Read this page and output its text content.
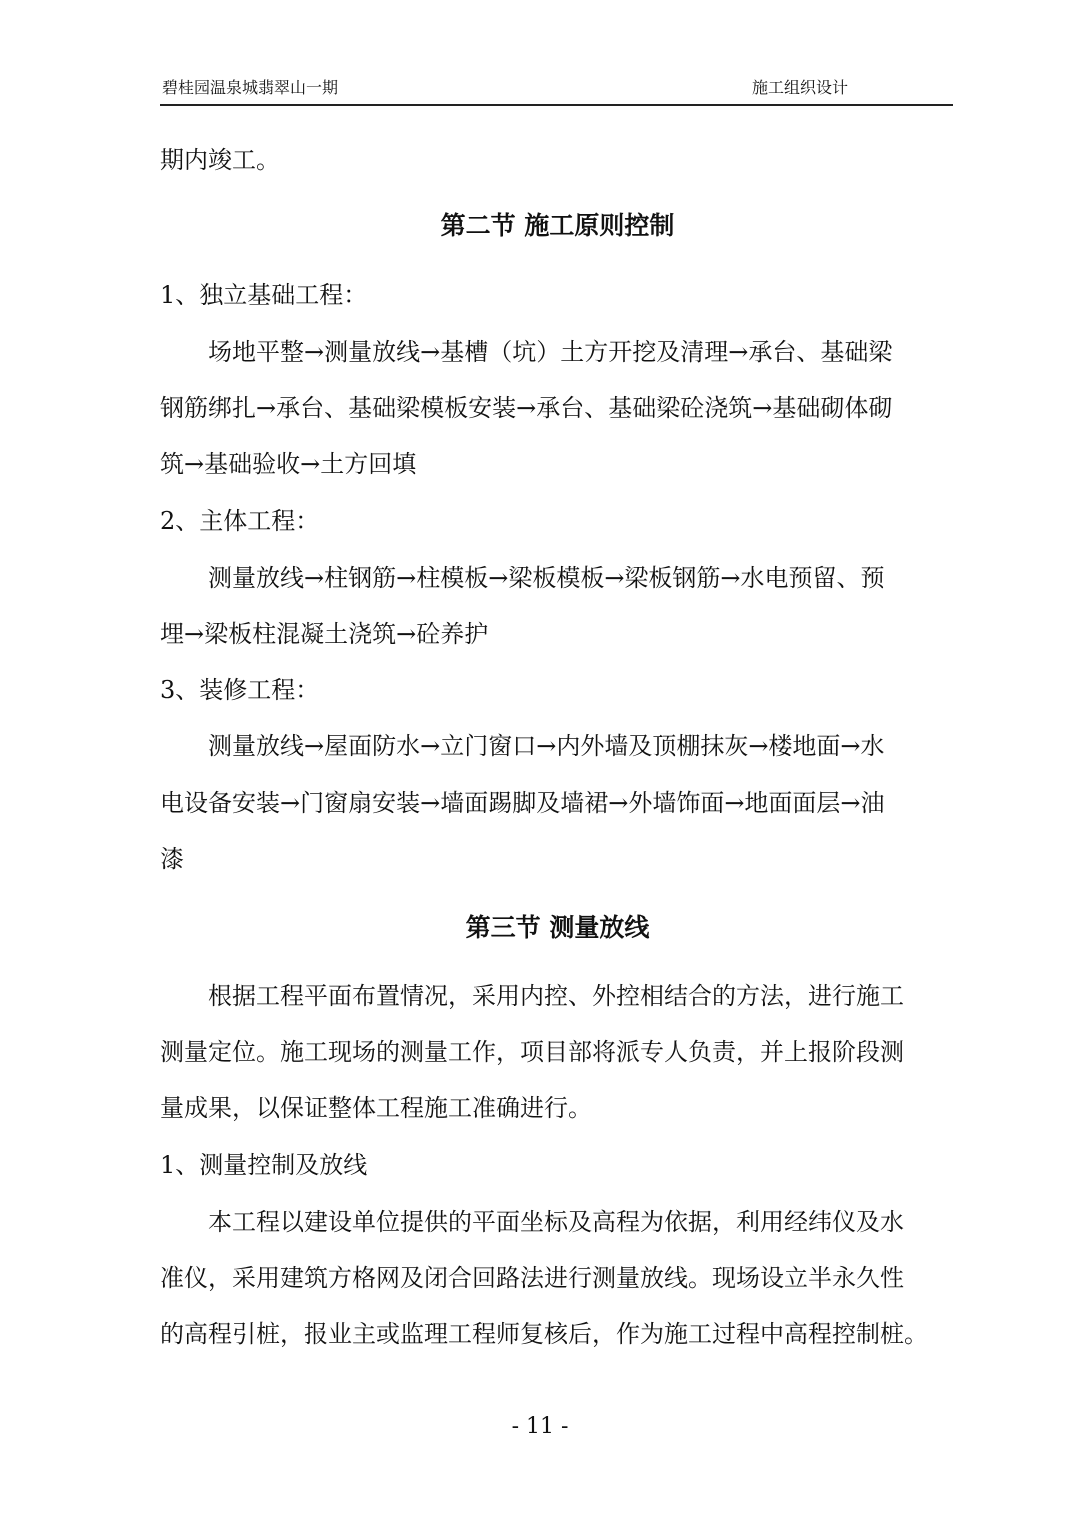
碧桂园温泉城翡翠山一期	施工组织设计
期内竣工。
第二节 施工原则控制
1、独立基础工程：
场地平整→测量放线→基槽（坑）土方开挖及清理→承台、基础梁
钢筋绑扎→承台、基础梁模板安装→承台、基础梁砼浇筑→基础砌体砌
筑→基础验收→土方回填
2、主体工程：
测量放线→柱钢筋→柱模板→梁板模板→梁板钢筋→水电预留、预
埋→梁板柱混凝土浇筑→砼养护
3、装修工程：
测量放线→屋面防水→立门窗口→内外墙及顶棚抹灰→楼地面→水
电设备安装→门窗扇安装→墙面踢脚及墙裙→外墙饰面→地面面层→油
漆
第三节 测量放线
根据工程平面布置情况，采用内控、外控相结合的方法，进行施工
测量定位。施工现场的测量工作，项目部将派专人负责，并上报阶段测
量成果，以保证整体工程施工准确进行。
1、测量控制及放线
本工程以建设单位提供的平面坐标及高程为依据，利用经纬仪及水
准仪，采用建筑方格网及闭合回路法进行测量放线。现场设立半永久性
的高程引桩，报业主或监理工程师复核后，作为施工过程中高程控制桩。
- 11 -
